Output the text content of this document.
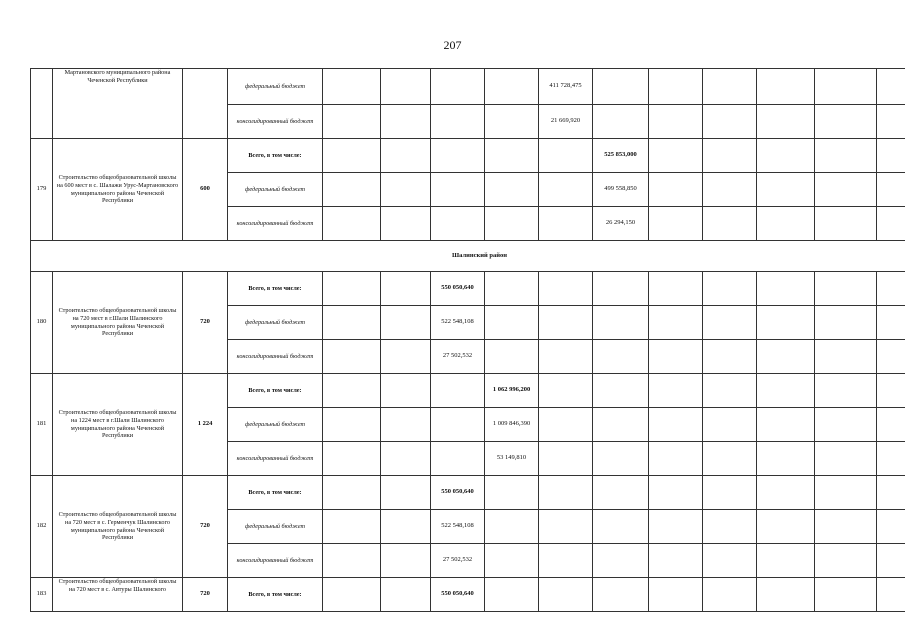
207
	Мартановского муниципального района Чеченской Республики		федеральный бюджет					411 728,475						
			консолидированный бюджет					21 669,920						
179	Строительство общеобразовательной школы на 600 мест в с. Шалажи Урус-Мартановского муниципального района Чеченской Республики	600	Всего, в том числе:						525 853,000					
			федеральный бюджет						499 558,850					
			консолидированный бюджет						26 294,150					
Шалинский район														
180	Строительство общеобразовательной школы на 720 мест в г.Шали Шалинского муниципального района Чеченской Республики	720	Всего, в том числе:			550 050,640								
			федеральный бюджет			522 548,108								
			консолидированный бюджет			27 502,532								
181	Строительство общеобразовательной школы на 1224 мест в г.Шали Шалинского муниципального района Чеченской Республики	1 224	Всего, в том числе:				1 062 996,200							
			федеральный бюджет				1 009 846,390							
			консолидированный бюджет				53 149,810							
182	Строительство общеобразовательной школы на 720 мест в с. Герменчук Шалинского муниципального района Чеченской Республики	720	Всего, в том числе:			550 050,640								
			федеральный бюджет			522 548,108								
			консолидированный бюджет			27 502,532								
183	Строительство общеобразовательной школы на 720 мест в с. Автуры Шалинского	720	Всего, в том числе:			550 050,640								
